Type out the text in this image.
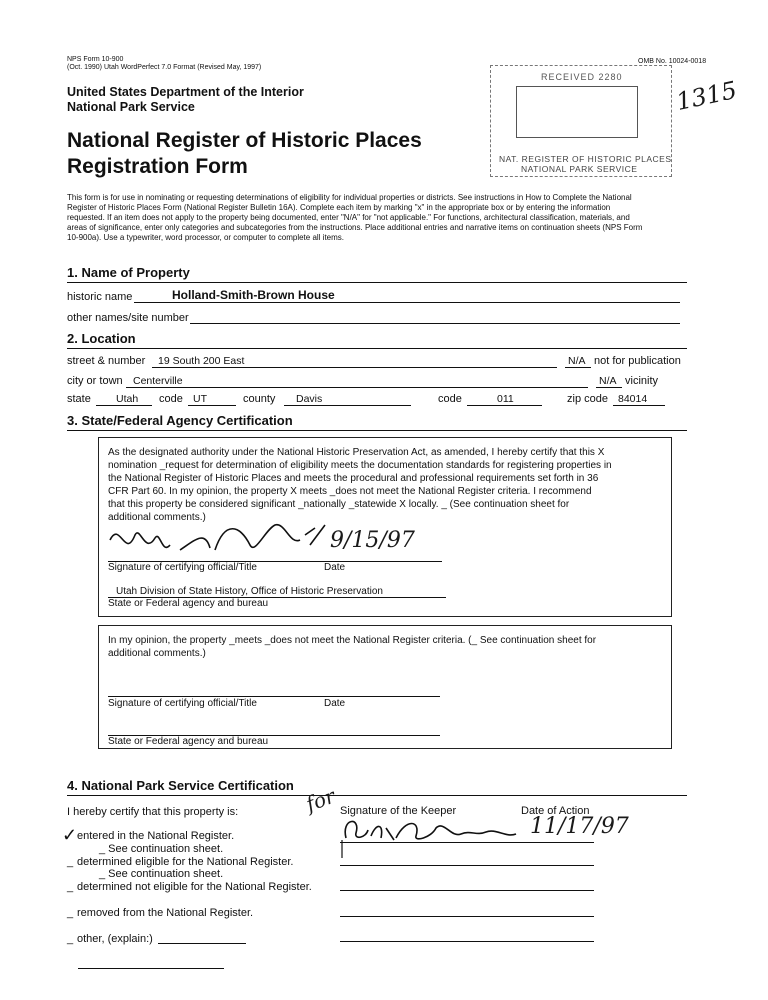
NPS Form 10-900
(Oct. 1990) Utah WordPerfect 7.0 Format (Revised May, 1997)
OMB No. 10024-0018
United States Department of the Interior
National Park Service
National Register of Historic Places
Registration Form
RECEIVED 2280
NAT. REGISTER OF HISTORIC PLACES
NATIONAL PARK SERVICE
1315
This form is for use in nominating or requesting determinations of eligibility for individual properties or districts. See instructions in How to Complete the National
Register of Historic Places Form (National Register Bulletin 16A). Complete each item by marking "x" in the appropriate box or by entering the information
requested. If an item does not apply to the property being documented, enter "N/A" for "not applicable." For functions, architectural classification, materials, and
areas of significance, enter only categories and subcategories from the instructions. Place additional entries and narrative items on continuation sheets (NPS Form
10-900a). Use a typewriter, word processor, or computer to complete all items.
1. Name of Property
historic name	Holland-Smith-Brown House
other names/site number
2. Location
street & number 19 South 200 East	N/A not for publication
city or town Centerville	N/A vicinity
state Utah code UT	county Davis	code	011	zip code 84014
3. State/Federal Agency Certification
As the designated authority under the National Historic Preservation Act, as amended, I hereby certify that this X
nomination _request for determination of eligibility meets the documentation standards for registering properties in
the National Register of Historic Places and meets the procedural and professional requirements set forth in 36
CFR Part 60. In my opinion, the property X meets _does not meet the National Register criteria. I recommend
that this property be considered significant _nationally _statewide X locally. _ (See continuation sheet for
additional comments.)
9/15/97
Signature of certifying official/Title	Date
Utah Division of State History, Office of Historic Preservation
State or Federal agency and bureau
In my opinion, the property _meets _does not meet the National Register criteria. (_ See continuation sheet for
additional comments.)
Signature of certifying official/Title	Date
State or Federal agency and bureau
4. National Park Service Certification
I hereby certify that this property is:	for Signature of the Keeper	Date of Action
11/17/97
✓ entered in the National Register.
_ See continuation sheet.
_ determined eligible for the National Register.
_ See continuation sheet.
_ determined not eligible for the National Register.
_ removed from the National Register.
_ other, (explain:)
